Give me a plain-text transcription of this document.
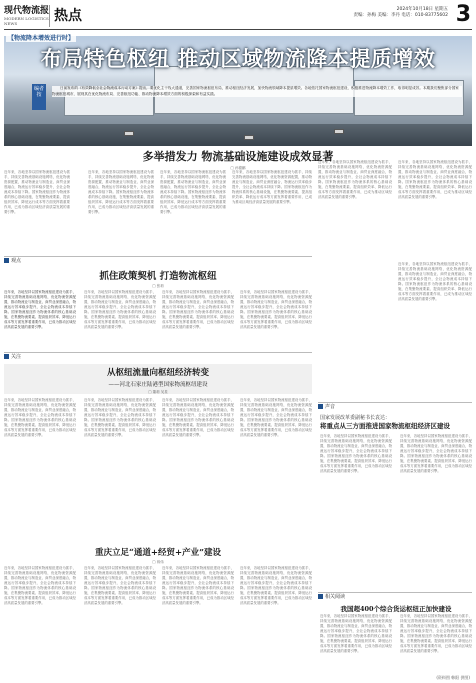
现代物流报
MODERN LOGISTICS NEWS	热点	2024年10月18日 星期五
责编：孙梅 美编：李丹 电话：010-83775602 3
【物流降本增效进行时】
布局特色枢纽 推动区域物流降本提质增效
编者按
日前发布的《有效降低全社会物流成本行动方案》提出，要优化主干线大通道，完善国家物流枢纽布局，推动枢纽经济发展，加快物流领域降本提质增效。各地依托国家物流枢纽建设，积极推进物流降本增效工作，取得明显成效。本期我们聚焦部分国家物流枢纽城市，展现其在优化物流布局、完善枢纽功能、推动物流降本增效方面的积极探索和有益实践。
多举措发力 物流基础设施建设成效显著
□ 孙德鹏
近年来，各地坚持以国家物流枢纽建设为抓手，持续完善物流基础设施网络，优化物流资源配置，推动物流业与制造业、商贸业深度融合，物流运行效率稳步提升，全社会物流成本持续下降。国家物流枢纽作为物流体系的核心基础设施，在集聚物流要素、提高组织效率、降低运行成本等方面发挥着重要作用，已成为推动区域经济高质量发展的重要引擎。
近年来，各地坚持以国家物流枢纽建设为抓手，持续完善物流基础设施网络，优化物流资源配置，推动物流业与制造业、商贸业深度融合，物流运行效率稳步提升，全社会物流成本持续下降。国家物流枢纽作为物流体系的核心基础设施，在集聚物流要素、提高组织效率、降低运行成本等方面发挥着重要作用，已成为推动区域经济高质量发展的重要引擎。
近年来，各地坚持以国家物流枢纽建设为抓手，持续完善物流基础设施网络，优化物流资源配置，推动物流业与制造业、商贸业深度融合，物流运行效率稳步提升，全社会物流成本持续下降。国家物流枢纽作为物流体系的核心基础设施，在集聚物流要素、提高组织效率、降低运行成本等方面发挥着重要作用，已成为推动区域经济高质量发展的重要引擎。
近年来，各地坚持以国家物流枢纽建设为抓手，持续完善物流基础设施网络，优化物流资源配置，推动物流业与制造业、商贸业深度融合，物流运行效率稳步提升，全社会物流成本持续下降。国家物流枢纽作为物流体系的核心基础设施，在集聚物流要素、提高组织效率、降低运行成本等方面发挥着重要作用，已成为推动区域经济高质量发展的重要引擎。
近年来，各地坚持以国家物流枢纽建设为抓手，持续完善物流基础设施网络，优化物流资源配置，推动物流业与制造业、商贸业深度融合，物流运行效率稳步提升，全社会物流成本持续下降。国家物流枢纽作为物流体系的核心基础设施，在集聚物流要素、提高组织效率、降低运行成本等方面发挥着重要作用，已成为推动区域经济高质量发展的重要引擎。
近年来，各地坚持以国家物流枢纽建设为抓手，持续完善物流基础设施网络，优化物流资源配置，推动物流业与制造业、商贸业深度融合，物流运行效率稳步提升，全社会物流成本持续下降。国家物流枢纽作为物流体系的核心基础设施，在集聚物流要素、提高组织效率、降低运行成本等方面发挥着重要作用，已成为推动区域经济高质量发展的重要引擎。
观点
抓住政策契机 打造物流枢纽
□ 张莉
近年来，各地坚持以国家物流枢纽建设为抓手，持续完善物流基础设施网络，优化物流资源配置，推动物流业与制造业、商贸业深度融合，物流运行效率稳步提升，全社会物流成本持续下降。国家物流枢纽作为物流体系的核心基础设施，在集聚物流要素、提高组织效率、降低运行成本等方面发挥着重要作用，已成为推动区域经济高质量发展的重要引擎。
近年来，各地坚持以国家物流枢纽建设为抓手，持续完善物流基础设施网络，优化物流资源配置，推动物流业与制造业、商贸业深度融合，物流运行效率稳步提升，全社会物流成本持续下降。国家物流枢纽作为物流体系的核心基础设施，在集聚物流要素、提高组织效率、降低运行成本等方面发挥着重要作用，已成为推动区域经济高质量发展的重要引擎。
近年来，各地坚持以国家物流枢纽建设为抓手，持续完善物流基础设施网络，优化物流资源配置，推动物流业与制造业、商贸业深度融合，物流运行效率稳步提升，全社会物流成本持续下降。国家物流枢纽作为物流体系的核心基础设施，在集聚物流要素、提高组织效率、降低运行成本等方面发挥着重要作用，已成为推动区域经济高质量发展的重要引擎。
近年来，各地坚持以国家物流枢纽建设为抓手，持续完善物流基础设施网络，优化物流资源配置，推动物流业与制造业、商贸业深度融合，物流运行效率稳步提升，全社会物流成本持续下降。国家物流枢纽作为物流体系的核心基础设施，在集聚物流要素、提高组织效率、降低运行成本等方面发挥着重要作用，已成为推动区域经济高质量发展的重要引擎。
关注
从枢纽流量向枢纽经济转变
——河北石家庄陆港型国家物流枢纽建设
□ 董莉 吴星
近年来，各地坚持以国家物流枢纽建设为抓手，持续完善物流基础设施网络，优化物流资源配置，推动物流业与制造业、商贸业深度融合，物流运行效率稳步提升，全社会物流成本持续下降。国家物流枢纽作为物流体系的核心基础设施，在集聚物流要素、提高组织效率、降低运行成本等方面发挥着重要作用，已成为推动区域经济高质量发展的重要引擎。
近年来，各地坚持以国家物流枢纽建设为抓手，持续完善物流基础设施网络，优化物流资源配置，推动物流业与制造业、商贸业深度融合，物流运行效率稳步提升，全社会物流成本持续下降。国家物流枢纽作为物流体系的核心基础设施，在集聚物流要素、提高组织效率、降低运行成本等方面发挥着重要作用，已成为推动区域经济高质量发展的重要引擎。
近年来，各地坚持以国家物流枢纽建设为抓手，持续完善物流基础设施网络，优化物流资源配置，推动物流业与制造业、商贸业深度融合，物流运行效率稳步提升，全社会物流成本持续下降。国家物流枢纽作为物流体系的核心基础设施，在集聚物流要素、提高组织效率、降低运行成本等方面发挥着重要作用，已成为推动区域经济高质量发展的重要引擎。
近年来，各地坚持以国家物流枢纽建设为抓手，持续完善物流基础设施网络，优化物流资源配置，推动物流业与制造业、商贸业深度融合，物流运行效率稳步提升，全社会物流成本持续下降。国家物流枢纽作为物流体系的核心基础设施，在集聚物流要素、提高组织效率、降低运行成本等方面发挥着重要作用，已成为推动区域经济高质量发展的重要引擎。
重庆立足“通道+经贸+产业”建设
□ 蒋伟
近年来，各地坚持以国家物流枢纽建设为抓手，持续完善物流基础设施网络，优化物流资源配置，推动物流业与制造业、商贸业深度融合，物流运行效率稳步提升，全社会物流成本持续下降。国家物流枢纽作为物流体系的核心基础设施，在集聚物流要素、提高组织效率、降低运行成本等方面发挥着重要作用，已成为推动区域经济高质量发展的重要引擎。
近年来，各地坚持以国家物流枢纽建设为抓手，持续完善物流基础设施网络，优化物流资源配置，推动物流业与制造业、商贸业深度融合，物流运行效率稳步提升，全社会物流成本持续下降。国家物流枢纽作为物流体系的核心基础设施，在集聚物流要素、提高组织效率、降低运行成本等方面发挥着重要作用，已成为推动区域经济高质量发展的重要引擎。
近年来，各地坚持以国家物流枢纽建设为抓手，持续完善物流基础设施网络，优化物流资源配置，推动物流业与制造业、商贸业深度融合，物流运行效率稳步提升，全社会物流成本持续下降。国家物流枢纽作为物流体系的核心基础设施，在集聚物流要素、提高组织效率、降低运行成本等方面发挥着重要作用，已成为推动区域经济高质量发展的重要引擎。
近年来，各地坚持以国家物流枢纽建设为抓手，持续完善物流基础设施网络，优化物流资源配置，推动物流业与制造业、商贸业深度融合，物流运行效率稳步提升，全社会物流成本持续下降。国家物流枢纽作为物流体系的核心基础设施，在集聚物流要素、提高组织效率、降低运行成本等方面发挥着重要作用，已成为推动区域经济高质量发展的重要引擎。
近年来，各地坚持以国家物流枢纽建设为抓手，持续完善物流基础设施网络，优化物流资源配置，推动物流业与制造业、商贸业深度融合，物流运行效率稳步提升，全社会物流成本持续下降。国家物流枢纽作为物流体系的核心基础设施，在集聚物流要素、提高组织效率、降低运行成本等方面发挥着重要作用，已成为推动区域经济高质量发展的重要引擎。
声音
国家发展改革委副秘书长袁达：
将重点从三方面推进国家物流枢纽经济区建设
近年来，各地坚持以国家物流枢纽建设为抓手，持续完善物流基础设施网络，优化物流资源配置，推动物流业与制造业、商贸业深度融合，物流运行效率稳步提升，全社会物流成本持续下降。国家物流枢纽作为物流体系的核心基础设施，在集聚物流要素、提高组织效率、降低运行成本等方面发挥着重要作用，已成为推动区域经济高质量发展的重要引擎。
近年来，各地坚持以国家物流枢纽建设为抓手，持续完善物流基础设施网络，优化物流资源配置，推动物流业与制造业、商贸业深度融合，物流运行效率稳步提升，全社会物流成本持续下降。国家物流枢纽作为物流体系的核心基础设施，在集聚物流要素、提高组织效率、降低运行成本等方面发挥着重要作用，已成为推动区域经济高质量发展的重要引擎。
相关阅读
我国超400个综合货运枢纽正加快建设
近年来，各地坚持以国家物流枢纽建设为抓手，持续完善物流基础设施网络，优化物流资源配置，推动物流业与制造业、商贸业深度融合，物流运行效率稳步提升，全社会物流成本持续下降。国家物流枢纽作为物流体系的核心基础设施，在集聚物流要素、提高组织效率、降低运行成本等方面发挥着重要作用，已成为推动区域经济高质量发展的重要引擎。
近年来，各地坚持以国家物流枢纽建设为抓手，持续完善物流基础设施网络，优化物流资源配置，推动物流业与制造业、商贸业深度融合，物流运行效率稳步提升，全社会物流成本持续下降。国家物流枢纽作为物流体系的核心基础设施，在集聚物流要素、提高组织效率、降低运行成本等方面发挥着重要作用，已成为推动区域经济高质量发展的重要引擎。
(资料图 韩阳 供图)
